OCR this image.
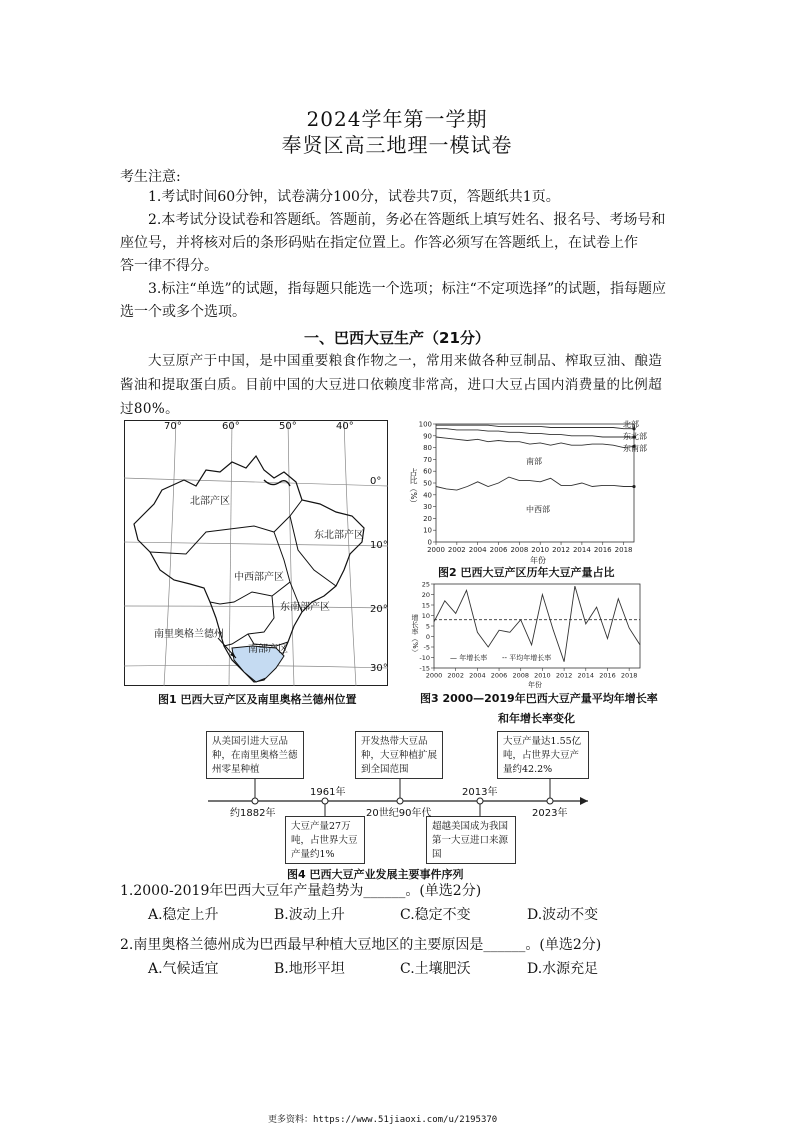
2024学年第一学期
奉贤区高三地理一模试卷
考生注意:
1.考试时间60分钟，试卷满分100分，试卷共7页，答题纸共1页。
2.本考试分设试卷和答题纸。答题前，务必在答题纸上填写姓名、报名号、考场号和
座位号，并将核对后的条形码贴在指定位置上。作答必须写在答题纸上，在试卷上作
答一律不得分。
3.标注“单选”的试题，指每题只能选一个选项；标注“不定项选择”的试题，指每题应
选一个或多个选项。
一、巴西大豆生产（21分）
大豆原产于中国，是中国重要粮食作物之一，常用来做各种豆制品、榨取豆油、酿造
酱油和提取蛋白质。目前中国的大豆进口依赖度非常高，进口大豆占国内消费量的比例超
过80%。
70°	60°	50°	40°
0°
10°
20°
30°
北部产区
东北部产区
中西部产区
东南部产区
南部产区
南里奥格兰德州
图1 巴西大豆产区及南里奥格兰德州位置
0
10
20
30
40
50
60
70
80
90
100
2000 2002 2004 2006 2008 2010 2012 2014 2016 2018
占比（%）
年份
北部
东北部
东南部
南部
中西部
图2 巴西大豆产区历年大豆产量占比
25
20
15
10
5
0
-5
-10
-15
2000 2002 2004 2006 2008 2010 2012 2014 2016 2018
增长率（%）
年份
— 年增长率 -- 平均年增长率
图3 2000—2019年巴西大豆产量平均年增长率
和年增长率变化
从美国引进大豆品种，在南里奥格兰德州零星种植
开发热带大豆品种，大豆种植扩展到全国范围
大豆产量达1.55亿吨，占世界大豆产量约42.2%
大豆产量27万吨，占世界大豆产量约1%
超越美国成为我国第一大豆进口来源国
约1882年
1961年
20世纪90年代
2013年
2023年
图4 巴西大豆产业发展主要事件序列
1.2000-2019年巴西大豆年产量趋势为______。(单选2分)
A.稳定上升	B.波动上升	C.稳定不变	D.波动不变
2.南里奥格兰德州成为巴西最早种植大豆地区的主要原因是______。(单选2分)
A.气候适宜	B.地形平坦	C.土壤肥沃	D.水源充足
更多资料：https://www.51jiaoxi.com/u/2195370
